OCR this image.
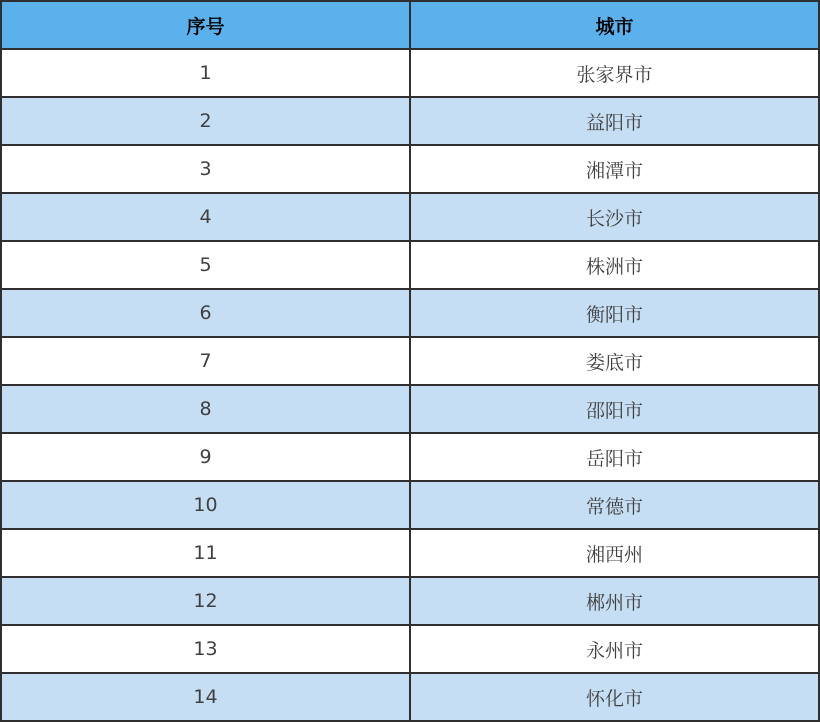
序号	城市
1	张家界市
2	益阳市
3	湘潭市
4	长沙市
5	株洲市
6	衡阳市
7	娄底市
8	邵阳市
9	岳阳市
10	常德市
11	湘西州
12	郴州市
13	永州市
14	怀化市
